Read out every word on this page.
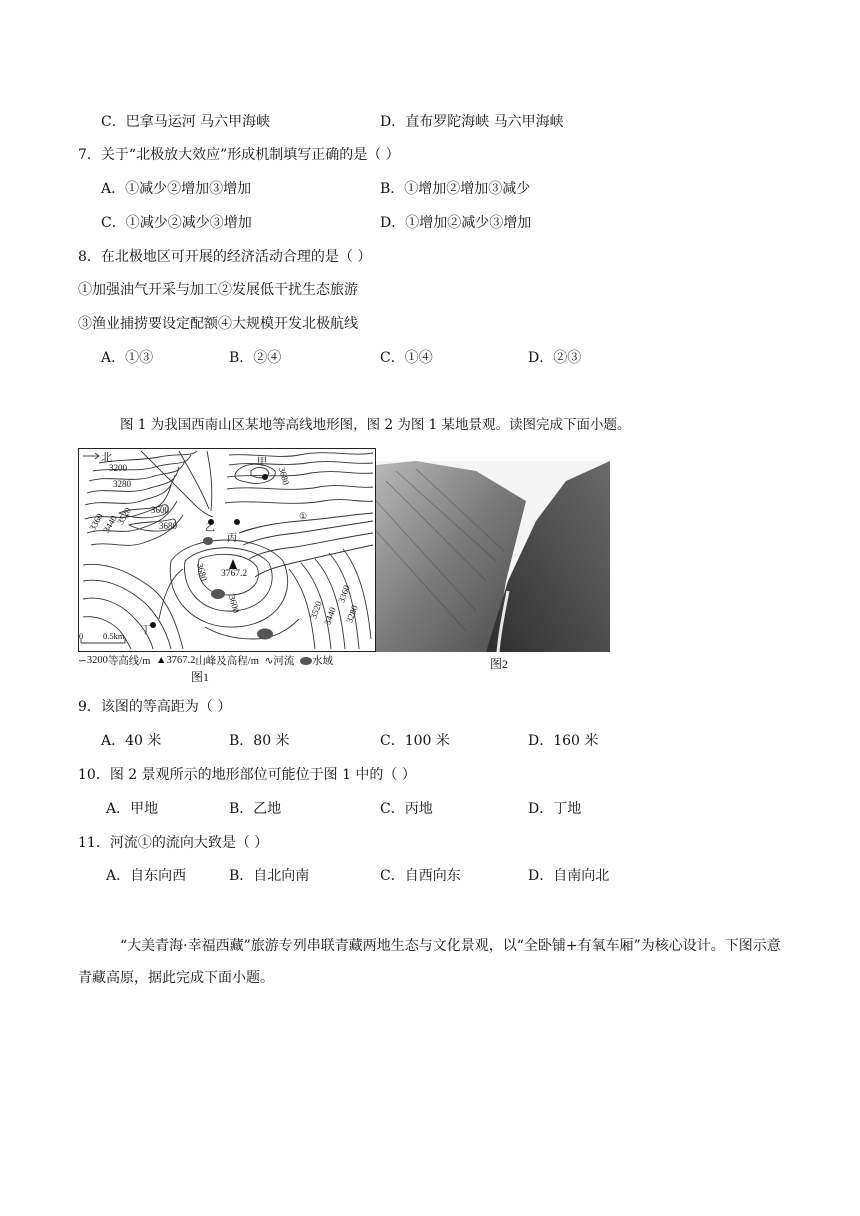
C．巴拿马运河 马六甲海峡	D．直布罗陀海峡 马六甲海峡
7．关于“北极放大效应”形成机制填写正确的是（ ）
A．①减少②增加③增加	B．①增加②增加③减少
C．①减少②减少③增加	D．①增加②减少③增加
8．在北极地区可开展的经济活动合理的是（ ）
①加强油气开采与加工②发展低干扰生态旅游
③渔业捕捞要设定配额④大规模开发北极航线
A．①③	B．②④	C．①④	D．②③
图 1 为我国西南山区某地等高线地形图，图 2 为图 1 某地景观。读图完成下面小题。
北
3200
3280
3360
3440
3520 3600
3680
甲
3680
乙
丙
①
3767.2
3680
3600	3520
3440
3360
3280
丁
0 0.5km
∽3200等高线/m ▲3767.2山峰及高程/m ∿河流 水域
图1
图2
9．该图的等高距为（ ）
A．40 米	B．80 米	C．100 米	D．160 米
10．图 2 景观所示的地形部位可能位于图 1 中的（ ）
A．甲地	B．乙地	C．丙地	D．丁地
11．河流①的流向大致是（ ）
A．自东向西	B．自北向南	C．自西向东	D．自南向北
“大美青海·幸福西藏”旅游专列串联青藏两地生态与文化景观，以“全卧铺+有氧车厢”为核心设计。下图示意青藏高原，据此完成下面小题。
